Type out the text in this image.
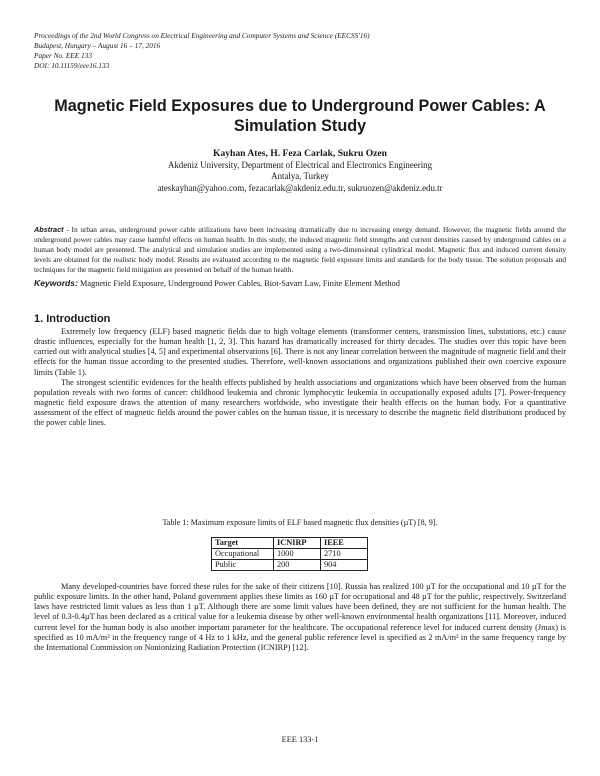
Proceedings of the 2nd World Congress on Electrical Engineering and Computer Systems and Science (EECSS'16)
Budapest, Hungary – August 16 – 17, 2016
Paper No. EEE 133
DOI: 10.11159/eee16.133
Magnetic Field Exposures due to Underground Power Cables: A Simulation Study
Kayhan Ates, H. Feza Carlak, Sukru Ozen
Akdeniz University, Department of Electrical and Electronics Engineering
Antalya, Turkey
ateskayhan@yahoo.com, fezacarlak@akdeniz.edu.tr, sukruozen@akdeniz.edu.tr
Abstract - In urban areas, underground power cable utilizations have been increasing dramatically due to increasing energy demand. However, the magnetic fields around the underground power cables may cause harmful effects on human health. In this study, the induced magnetic field strengths and current densities caused by underground cables on a human body model are presented. The analytical and simulation studies are implemented using a two-dimensional cylindrical model. Magnetic flux and induced current density levels are obtained for the realistic body model. Results are evaluated according to the magnetic field exposure limits and standards for the body tissue. The solution proposals and techniques for the magnetic field mitigation are presented on behalf of the human health.
Keywords: Magnetic Field Exposure, Underground Power Cables, Biot-Savart Law, Finite Element Method
1. Introduction

Extremely low frequency (ELF) based magnetic fields due to high voltage elements (transformer centers, transmission lines, substations, etc.) cause drastic influences, especially for the human health [1, 2, 3]. This hazard has dramatically increased for thirty decades. The studies over this topic have been carried out with analytical studies [4, 5] and experimental observations [6]. There is not any linear correlation between the magnitude of magnetic field and their effects for the human tissue according to the presented studies. Therefore, well-known associations and organizations published their own coercive exposure limits (Table 1).

The strongest scientific evidences for the health effects published by health associations and organizations which have been observed from the human population reveals with two forms of cancer: childhood leukemia and chronic lymphocytic leukemia in occupationally exposed adults [7]. Power-frequency magnetic field exposure draws the attention of many researchers worldwide, who investigate their health effects on the human body. For a quantitative assessment of the effect of magnetic fields around the power cables on the human tissue, it is necessary to describe the magnetic field distributions produced by the power cable lines.

Table 1: Maximum exposure limits of ELF based magnetic flux densities (µT) [8, 9].
Target	ICNIRP	IEEE
Occupational	1000	2710
Public	200	904

Many developed-countries have forced these rules for the sake of their citizens [10]. Russia has realized 100 µT for the occupational and 10 µT for the public exposure limits. In the other hand, Poland government applies these limits as 160 µT for occupational and 48 µT for the public, respectively. Switzerland laws have restricted limit values as less than 1 µT. Although there are some limit values have been defined, they are not sufficient for the human health. The level of 0.3-0.4µT has been declared as a critical value for a leukemia disease by other well-known environmental health organizations [11]. Moreover, induced current level for the human body is also another important parameter for the healthcare. The occupational reference level for induced current density (Jmax) is specified as 10 mA/m² in the frequency range of 4 Hz to 1 kHz, and the general public reference level is specified as 2 mA/m² in the same frequency range by the International Commission on Nonionizing Radiation Protection (ICNIRP) [12].

EEE 133-1
